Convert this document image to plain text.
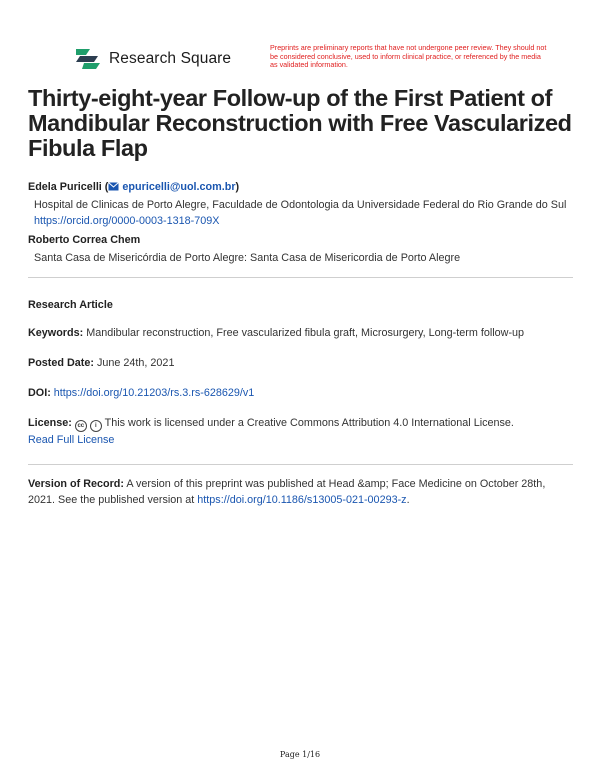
Research Square
Preprints are preliminary reports that have not undergone peer review. They should not be considered conclusive, used to inform clinical practice, or referenced by the media as validated information.
Thirty-eight-year Follow-up of the First Patient of Mandibular Reconstruction with Free Vascularized Fibula Flap
Edela Puricelli ( epuricelli@uol.com.br)
Hospital de Clinicas de Porto Alegre, Faculdade de Odontologia da Universidade Federal do Rio Grande do Sul https://orcid.org/0000-0003-1318-709X
Roberto Correa Chem
Santa Casa de Misericórdia de Porto Alegre: Santa Casa de Misericordia de Porto Alegre
Research Article
Keywords: Mandibular reconstruction, Free vascularized fibula graft, Microsurgery, Long-term follow-up
Posted Date: June 24th, 2021
DOI: https://doi.org/10.21203/rs.3.rs-628629/v1
License: cc i This work is licensed under a Creative Commons Attribution 4.0 International License.
Read Full License
Version of Record: A version of this preprint was published at Head &amp; Face Medicine on October 28th, 2021. See the published version at https://doi.org/10.1186/s13005-021-00293-z.
Page 1/16
